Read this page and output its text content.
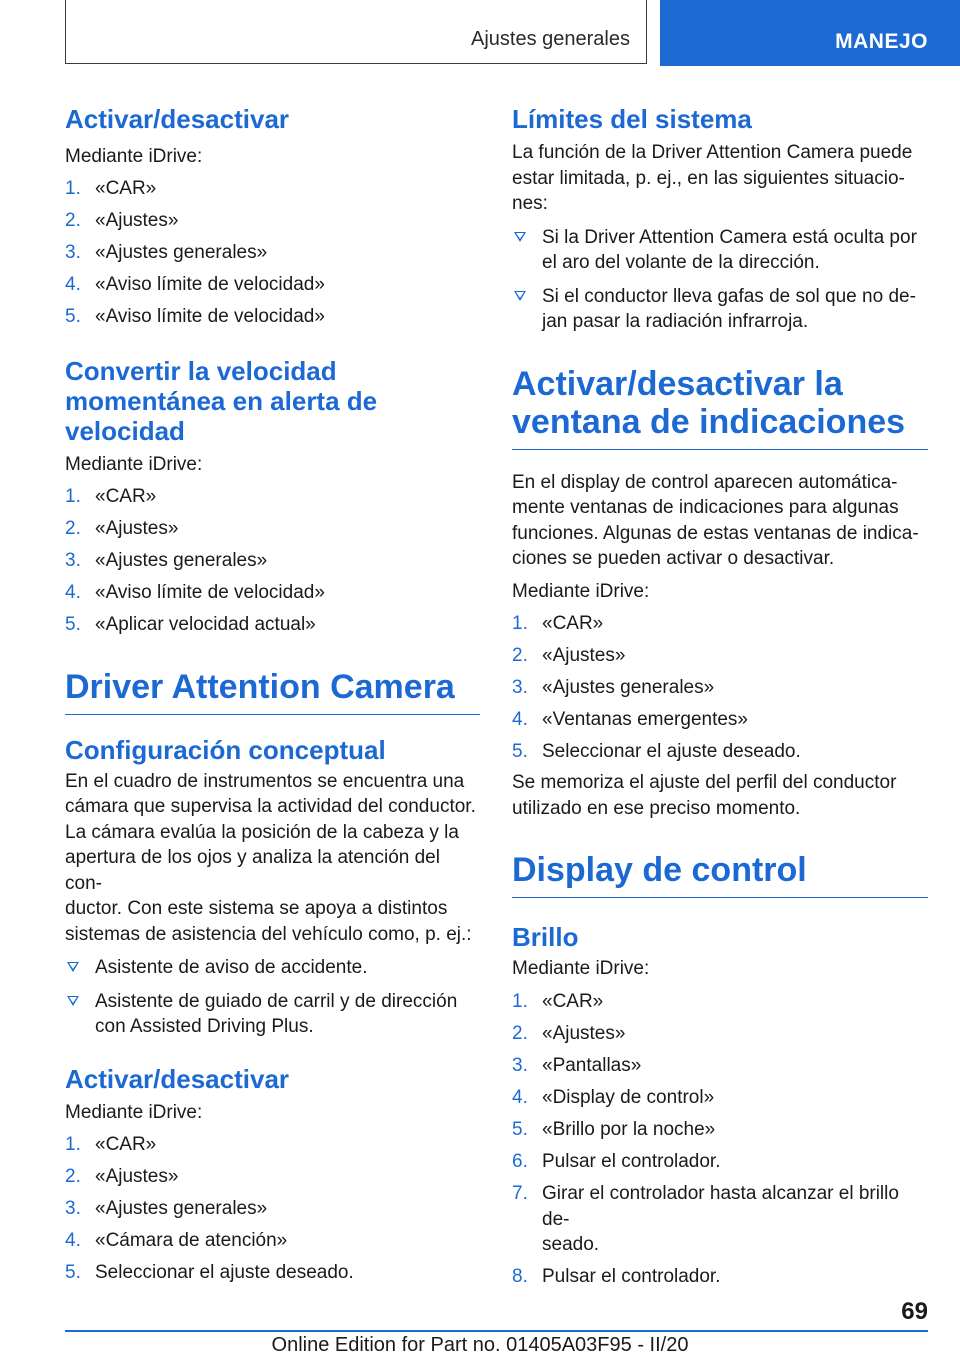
Ajustes generales	MANEJO
Activar/desactivar

Mediante iDrive:

1. «CAR»
2. «Ajustes»
3. «Ajustes generales»
4. «Aviso límite de velocidad»
5. «Aviso límite de velocidad»
Convertir la velocidad
momentánea en alerta de
velocidad

Mediante iDrive:

1. «CAR»
2. «Ajustes»
3. «Ajustes generales»
4. «Aviso límite de velocidad»
5. «Aplicar velocidad actual»
Driver Attention Camera
Configuración conceptual

En el cuadro de instrumentos se encuentra una
cámara que supervisa la actividad del conductor.
La cámara evalúa la posición de la cabeza y la
apertura de los ojos y analiza la atención del con-
ductor. Con este sistema se apoya a distintos
sistemas de asistencia del vehículo como, p. ej.:

Asistente de aviso de accidente.
Asistente de guiado de carril y de dirección
con Assisted Driving Plus.
Activar/desactivar

Mediante iDrive:

1. «CAR»
2. «Ajustes»
3. «Ajustes generales»
4. «Cámara de atención»
5. Seleccionar el ajuste deseado.
Límites del sistema

La función de la Driver Attention Camera puede
estar limitada, p. ej., en las siguientes situacio-
nes:

Si la Driver Attention Camera está oculta por
el aro del volante de la dirección.
Si el conductor lleva gafas de sol que no de-
jan pasar la radiación infrarroja.
Activar/desactivar la
ventana de indicaciones

En el display de control aparecen automática-
mente ventanas de indicaciones para algunas
funciones. Algunas de estas ventanas de indica-
ciones se pueden activar o desactivar.

Mediante iDrive:

1. «CAR»
2. «Ajustes»
3. «Ajustes generales»
4. «Ventanas emergentes»
5. Seleccionar el ajuste deseado.

Se memoriza el ajuste del perfil del conductor
utilizado en ese preciso momento.

Display de control
Brillo

Mediante iDrive:

1. «CAR»
2. «Ajustes»
3. «Pantallas»
4. «Display de control»
5. «Brillo por la noche»
6. Pulsar el controlador.
7. Girar el controlador hasta alcanzar el brillo de-
seado.
8. Pulsar el controlador.
69
Online Edition for Part no. 01405A03F95 - II/20
